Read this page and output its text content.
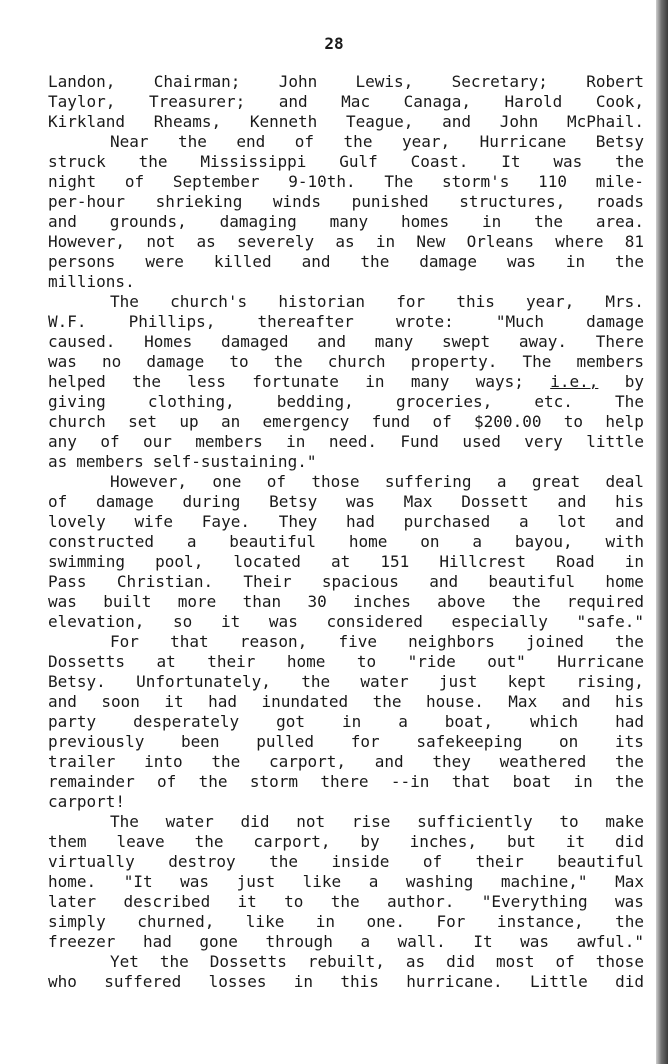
28
Landon, Chairman; John Lewis, Secretary; Robert
Taylor, Treasurer; and Mac Canaga, Harold Cook,
Kirkland Rheams, Kenneth Teague, and John McPhail.
Near the end of the year, Hurricane Betsy
struck the Mississippi Gulf Coast. It was the
night of September 9-10th. The storm's 110 mile-
per-hour shrieking winds punished structures, roads
and grounds, damaging many homes in the area.
However, not as severely as in New Orleans where 81
persons were killed and the damage was in the
millions.
The church's historian for this year, Mrs.
W.F.	Phillips,	thereafter	wrote:	"Much	damage
caused. Homes damaged and many swept away. There
was no damage to the church property. The members
helped the less fortunate in many ways; i.e., by
giving	clothing,	bedding,	groceries,	etc.	The
church set up an emergency fund of $200.00 to help
any of our members in need. Fund used very little
as members self-sustaining."
However, one of those suffering a great deal
of damage during Betsy was Max Dossett and his
lovely wife Faye. They had purchased a lot and
constructed a beautiful home on a bayou, with
swimming pool, located at 151 Hillcrest Road in
Pass Christian. Their spacious and beautiful home
was built more than 30 inches above the required
elevation, so it was considered especially "safe."
For that reason, five neighbors joined the
Dossetts at their home to "ride out" Hurricane
Betsy. Unfortunately, the water just kept rising,
and soon it had inundated the house. Max and his
party desperately got in a boat, which had
previously been pulled for safekeeping on its
trailer into the carport, and they weathered the
remainder of the storm there --in that boat in the
carport!
The water did not rise sufficiently to make
them leave the carport, by inches, but it did
virtually destroy the inside of their beautiful
home. "It was just like a washing machine," Max
later described it to the author. "Everything was
simply churned, like in one. For instance, the
freezer had gone through a wall. It was awful."
Yet the Dossetts rebuilt, as did most of those
who suffered losses in this hurricane. Little did
